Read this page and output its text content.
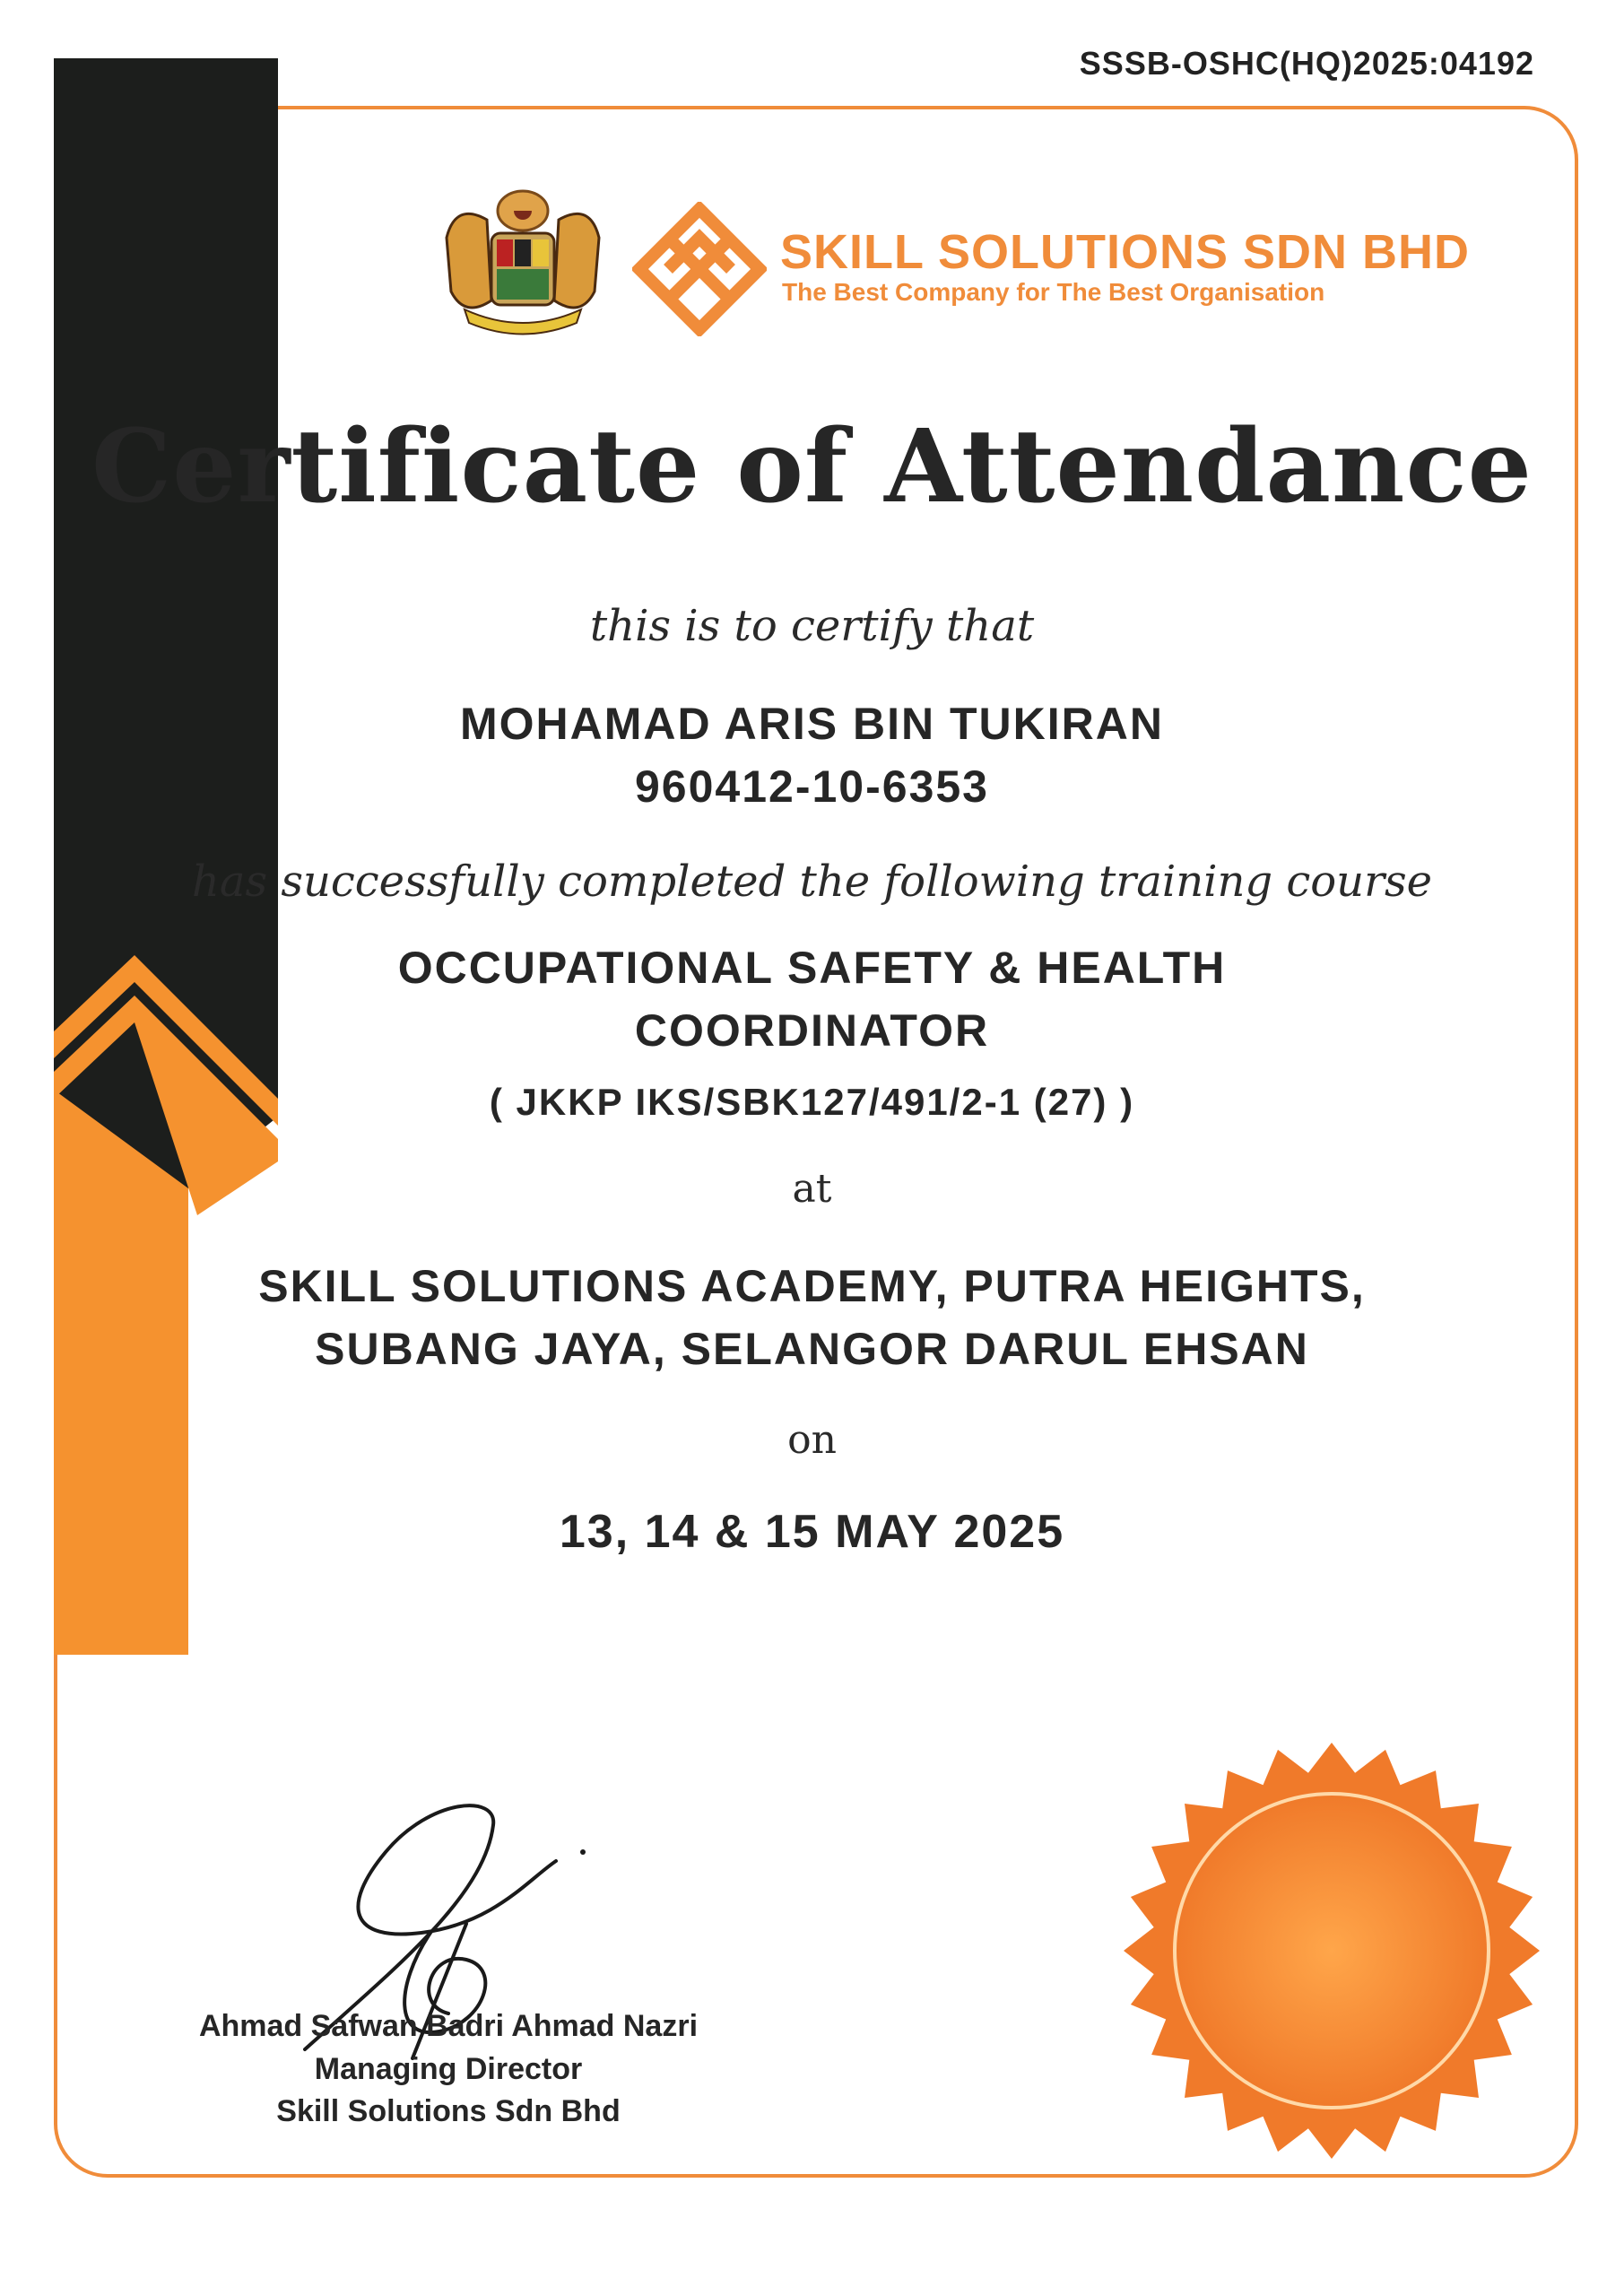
SSSB-OSHC(HQ)2025:04192
SKILL SOLUTIONS SDN BHD
The Best Company for The Best Organisation
Certificate of Attendance
this is to certify that
MOHAMAD ARIS BIN TUKIRAN
960412-10-6353
has successfully completed the following training course
OCCUPATIONAL SAFETY & HEALTH
COORDINATOR
( JKKP IKS/SBK127/491/2-1 (27) )
at
SKILL SOLUTIONS ACADEMY, PUTRA HEIGHTS,
SUBANG JAYA, SELANGOR DARUL EHSAN
on
13, 14 & 15 MAY 2025
Ahmad Safwan Badri Ahmad Nazri
Managing Director
Skill Solutions Sdn Bhd
